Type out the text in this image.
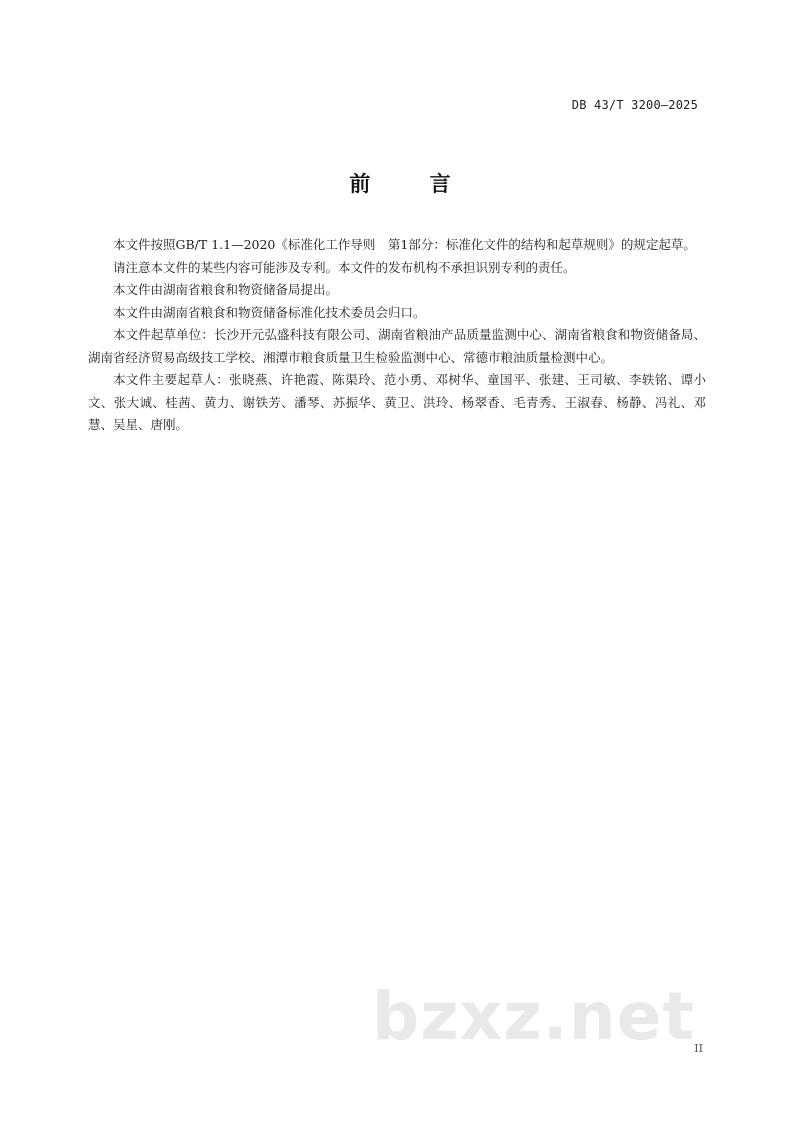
DB 43/T 3200—2025
前 言

本文件按照GB/T 1.1—2020《标准化工作导则　第1部分：标准化文件的结构和起草规则》的规定起草。

请注意本文件的某些内容可能涉及专利。本文件的发布机构不承担识别专利的责任。

本文件由湖南省粮食和物资储备局提出。

本文件由湖南省粮食和物资储备标准化技术委员会归口。

本文件起草单位：长沙开元弘盛科技有限公司、湖南省粮油产品质量监测中心、湖南省粮食和物资储备局、湖南省经济贸易高级技工学校、湘潭市粮食质量卫生检验监测中心、常德市粮油质量检测中心。

本文件主要起草人：张晓燕、许艳霞、陈渠玲、范小勇、邓树华、童国平、张建、王司敏、李轶铭、谭小文、张大诚、桂茜、黄力、谢铁芳、潘琴、苏振华、黄卫、洪玲、杨翠香、毛青秀、王淑春、杨静、冯礼、邓慧、吴星、唐刚。

bzxz.net II
